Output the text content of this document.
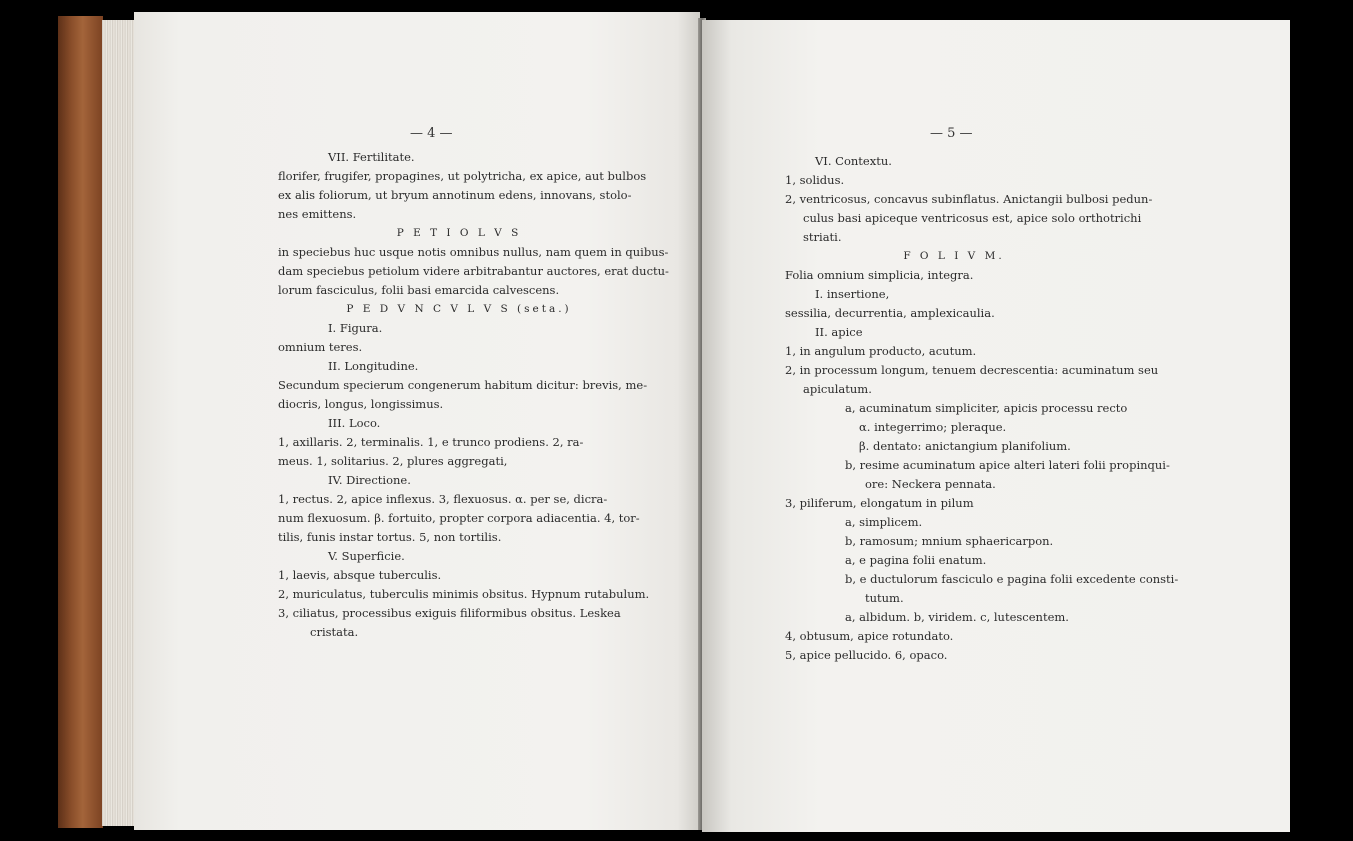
— 4 —	— 5 —
VII. Fertilitate.
florifer, frugifer, propagines, ut polytricha, ex apice, aut bulbos
ex alis foliorum, ut bryum annotinum edens, innovans, stolo-
nes emittens.
P E T I O L V S
in speciebus huc usque notis omnibus nullus, nam quem in quibus-
dam speciebus petiolum videre arbitrabantur auctores, erat ductu-
lorum fasciculus, folii basi emarcida calvescens.
P E D V N C V L V S (seta.)
I. Figura.
omnium teres.
II. Longitudine.
Secundum specierum congenerum habitum dicitur: brevis, me-
diocris, longus, longissimus.
III. Loco.
1, axillaris. 2, terminalis. 1, e trunco prodiens. 2, ra-
meus. 1, solitarius. 2, plures aggregati,
IV. Directione.
1, rectus. 2, apice inflexus. 3, flexuosus. α. per se, dicra-
num flexuosum. β. fortuito, propter corpora adiacentia. 4, tor-
tilis, funis instar tortus. 5, non tortilis.
V. Superficie.
1, laevis, absque tuberculis.
2, muriculatus, tuberculis minimis obsitus. Hypnum rutabulum.
3, ciliatus, processibus exiguis filiformibus obsitus. Leskea
cristata.
VI. Contextu.
1, solidus.
2, ventricosus, concavus subinflatus. Anictangii bulbosi pedun-
culus basi apiceque ventricosus est, apice solo orthotrichi
striati.
F O L I V M.
Folia omnium simplicia, integra.
I. insertione,
sessilia, decurrentia, amplexicaulia.
II. apice
1, in angulum producto, acutum.
2, in processum longum, tenuem decrescentia: acuminatum seu
apiculatum.
a, acuminatum simpliciter, apicis processu recto
α. integerrimo; pleraque.
β. dentato: anictangium planifolium.
b, resime acuminatum apice alteri lateri folii propinqui-
ore: Neckera pennata.
3, piliferum, elongatum in pilum
a, simplicem.
b, ramosum; mnium sphaericarpon.
a, e pagina folii enatum.
b, e ductulorum fasciculo e pagina folii excedente consti-
tutum.
a, albidum. b, viridem. c, lutescentem.
4, obtusum, apice rotundato.
5, apice pellucido. 6, opaco.
